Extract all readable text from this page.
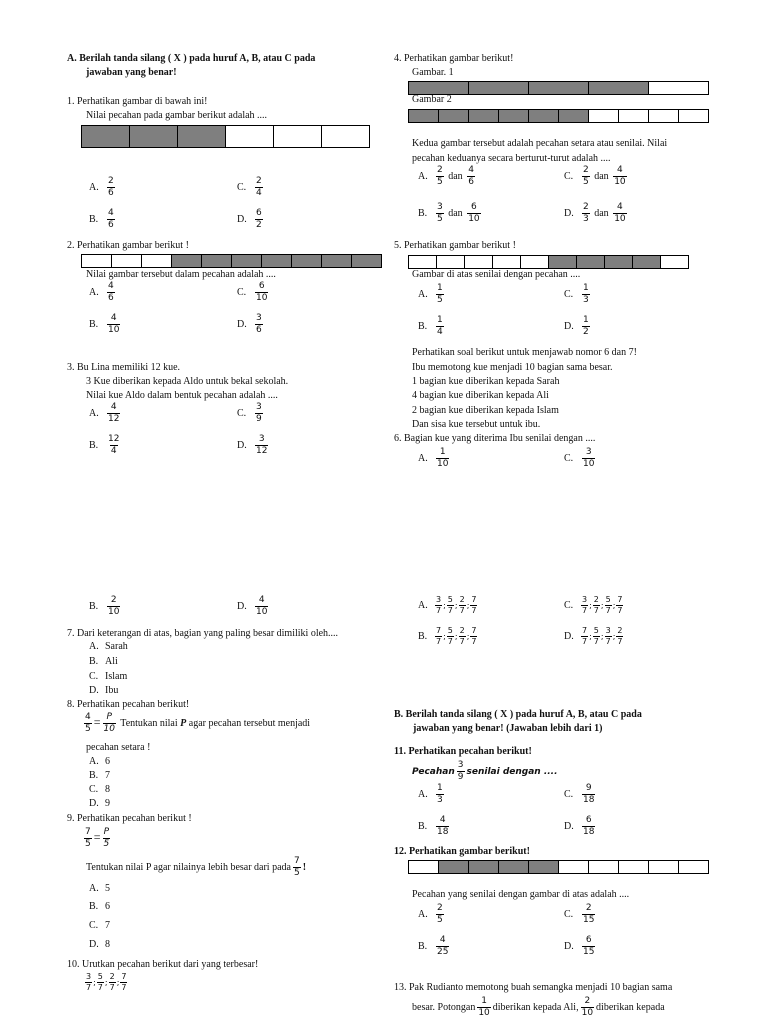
A. Berilah tanda silang ( X ) pada huruf A, B, atau C pada
jawaban yang benar!
1. Perhatikan gambar di bawah ini!
Nilai pecahan pada gambar berikut adalah ....
A. $\frac{2}{6}$	C. $\frac{2}{4}$
B. $\frac{4}{6}$	D. $\frac{6}{2}$
2. Perhatikan gambar berikut !
Nilai gambar tersebut dalam pecahan adalah ....
A. $\frac{4}{6}$	C. $\frac{6}{10}$
B. $\frac{4}{10}$	D. $\frac{3}{6}$
3. Bu Lina memiliki 12 kue.
3 Kue diberikan kepada Aldo untuk bekal sekolah.
Nilai kue Aldo dalam bentuk pecahan adalah ....
A. $\frac{4}{12}$	C. $\frac{3}{9}$
B. $\frac{12}{4}$	D. $\frac{3}{12}$
B. $\frac{2}{10}$	D. $\frac{4}{10}$
7. Dari keterangan di atas, bagian yang paling besar dimiliki oleh....
A. Sarah
B. Ali
C. Islam
D. Ibu
8. Perhatikan pecahan berikut!
$\frac{4}{5} = \frac{P}{10}$ Tentukan nilai P agar pecahan tersebut menjadi
pecahan setara !
A. 6
B. 7
C. 8
D. 9
9. Perhatikan pecahan berikut !
$\frac{7}{5} = \frac{P}{5}$
Tentukan nilai P agar nilainya lebih besar dari pada $\frac{7}{5}$ !
A. 5
B. 6
C. 7
D. 8
10. Urutkan pecahan berikut dari yang terbesar!
$\frac{3}{7}$ ; $\frac{5}{7}$ ; $\frac{2}{7}$ ; $\frac{7}{7}$
4. Perhatikan gambar berikut!
Gambar. 1
Gambar 2
Kedua gambar tersebut adalah pecahan setara atau senilai. Nilai
pecahan keduanya secara berturut-turut adalah ....
A. $\frac{2}{5}$ dan $\frac{4}{6}$	C. $\frac{2}{5}$ dan $\frac{4}{10}$
B. $\frac{3}{5}$ dan $\frac{6}{10}$	D. $\frac{2}{3}$ dan $\frac{4}{10}$
5. Perhatikan gambar berikut !
Gambar di atas senilai dengan pecahan ....
A. $\frac{1}{5}$	C. $\frac{1}{3}$
B. $\frac{1}{4}$	D. $\frac{1}{2}$
Perhatikan soal berikut untuk menjawab nomor 6 dan 7!
Ibu memotong kue menjadi 10 bagian sama besar.
1 bagian kue diberikan kepada Sarah
4 bagian kue diberikan kepada Ali
2 bagian kue diberikan kepada Islam
Dan sisa kue tersebut untuk ibu.
6. Bagian kue yang diterima Ibu senilai dengan ....
A. $\frac{1}{10}$	C. $\frac{3}{10}$
A. $\frac{3}{7}$ ; $\frac{5}{7}$ ; $\frac{2}{7}$ ; $\frac{7}{7}$	C. $\frac{3}{7}$ ; $\frac{2}{7}$ ; $\frac{5}{7}$ ; $\frac{7}{7}$
B. $\frac{7}{7}$ ; $\frac{5}{7}$ ; $\frac{2}{7}$ ; $\frac{7}{7}$	D. $\frac{7}{7}$ ; $\frac{5}{7}$ ; $\frac{3}{7}$ ; $\frac{2}{7}$
B. Berilah tanda silang ( X ) pada huruf A, B, atau C pada
jawaban yang benar! (Jawaban lebih dari 1)
11. Perhatikan pecahan berikut!
Pecahan $\frac{3}{9}$ senilai dengan ....
A. $\frac{1}{3}$	C. $\frac{9}{18}$
B. $\frac{4}{18}$	D. $\frac{6}{18}$
12. Perhatikan gambar berikut!
Pecahan yang senilai dengan gambar di atas adalah ....
A. $\frac{2}{5}$	C. $\frac{2}{15}$
B. $\frac{4}{25}$	D. $\frac{6}{15}$
13. Pak Rudianto memotong buah semangka menjadi 10 bagian sama
besar. Potongan $\frac{1}{10}$ diberikan kepada Ali, $\frac{2}{10}$ diberikan kepada
